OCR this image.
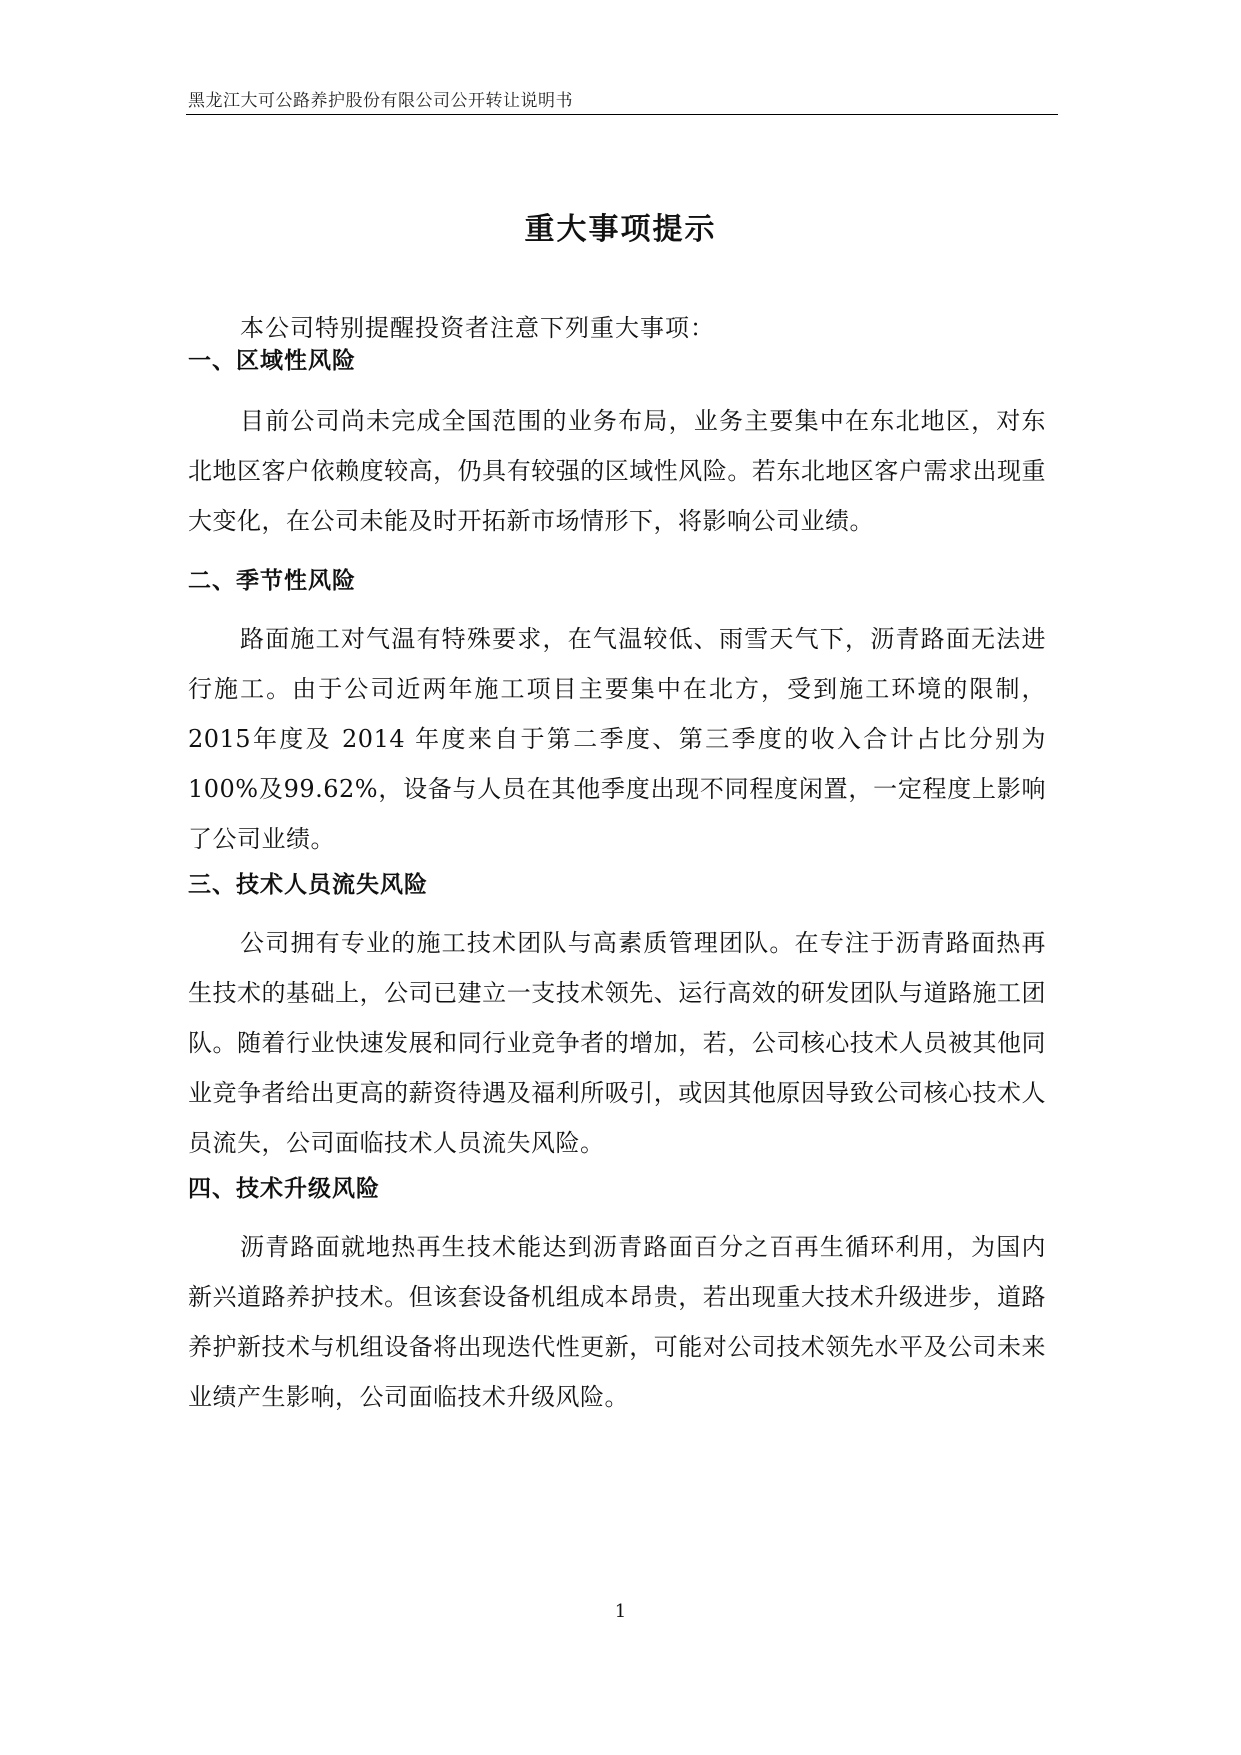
黑龙江大可公路养护股份有限公司公开转让说明书
重大事项提示
本公司特别提醒投资者注意下列重大事项：
一、区域性风险
目前公司尚未完成全国范围的业务布局，业务主要集中在东北地区，对东北地区客户依赖度较高，仍具有较强的区域性风险。若东北地区客户需求出现重大变化，在公司未能及时开拓新市场情形下，将影响公司业绩。
二、季节性风险
路面施工对气温有特殊要求，在气温较低、雨雪天气下，沥青路面无法进行施工。由于公司近两年施工项目主要集中在北方，受到施工环境的限制，2015年度及 2014 年度来自于第二季度、第三季度的收入合计占比分别为 100%及99.62%，设备与人员在其他季度出现不同程度闲置，一定程度上影响了公司业绩。
三、技术人员流失风险
公司拥有专业的施工技术团队与高素质管理团队。在专注于沥青路面热再生技术的基础上，公司已建立一支技术领先、运行高效的研发团队与道路施工团队。随着行业快速发展和同行业竞争者的增加，若，公司核心技术人员被其他同业竞争者给出更高的薪资待遇及福利所吸引，或因其他原因导致公司核心技术人员流失，公司面临技术人员流失风险。
四、技术升级风险
沥青路面就地热再生技术能达到沥青路面百分之百再生循环利用，为国内新兴道路养护技术。但该套设备机组成本昂贵，若出现重大技术升级进步，道路养护新技术与机组设备将出现迭代性更新，可能对公司技术领先水平及公司未来业绩产生影响，公司面临技术升级风险。
1
